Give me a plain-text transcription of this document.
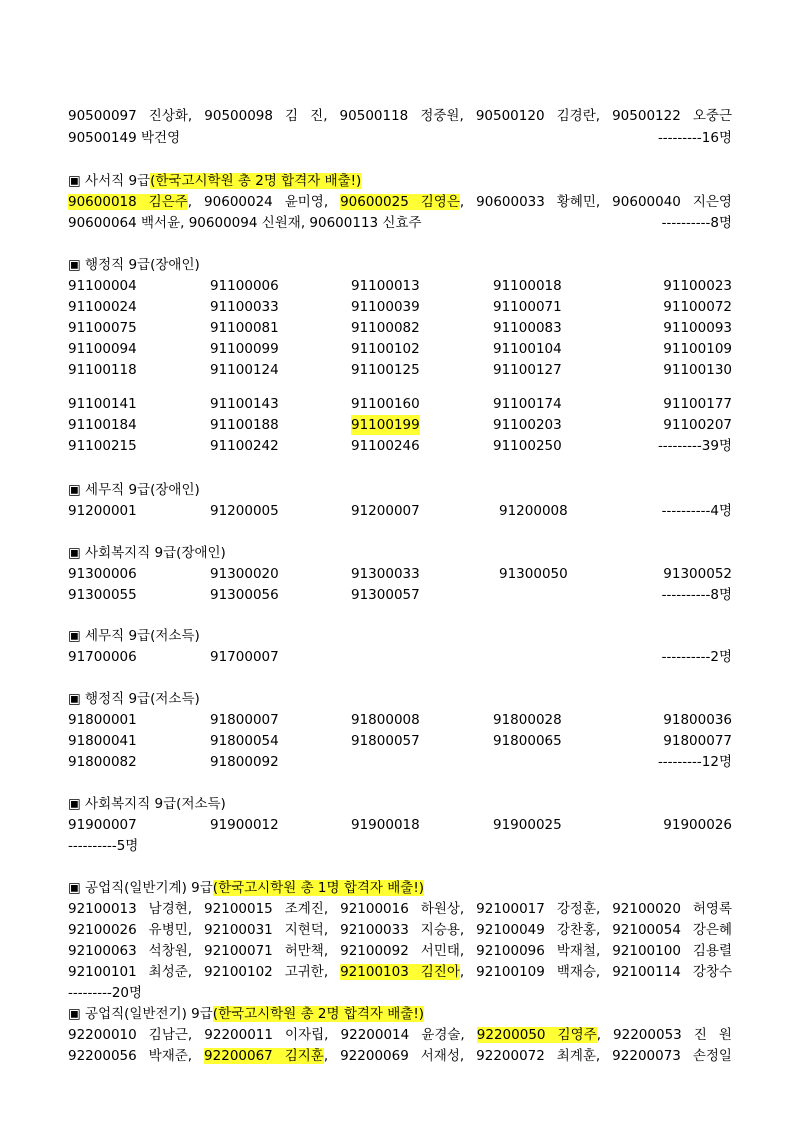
90500097 진상화, 90500098 김 진, 90500118 정중원, 90500120 김경란, 90500122 오중근
90500149 박건영	---------16명
▣ 사서직 9급(한국고시학원 총 2명 합격자 배출!)
90600018 김은주, 90600024 윤미영, 90600025 김영은, 90600033 황혜민, 90600040 지은영
90600064 백서윤, 90600094 신원재, 90600113 신효주	----------8명
▣ 행정직 9급(장애인)
91100004	91100006	91100013	91100018	91100023
91100024	91100033	91100039	91100071	91100072
91100075	91100081	91100082	91100083	91100093
91100094	91100099	91100102	91100104	91100109
91100118	91100124	91100125	91100127	91100130
91100141	91100143	91100160	91100174	91100177
91100184	91100188	91100199	91100203	91100207
91100215	91100242	91100246	91100250	---------39명
▣ 세무직 9급(장애인)
91200001	91200005	91200007	91200008	----------4명
▣ 사회복지직 9급(장애인)
91300006	91300020	91300033	91300050	91300052
91300055	91300056	91300057	----------8명
▣ 세무직 9급(저소득)
91700006	91700007	----------2명
▣ 행정직 9급(저소득)
91800001	91800007	91800008	91800028	91800036
91800041	91800054	91800057	91800065	91800077
91800082	91800092	---------12명
▣ 사회복지직 9급(저소득)
91900007	91900012	91900018	91900025	91900026
----------5명
▣ 공업직(일반기계) 9급(한국고시학원 총 1명 합격자 배출!)
92100013 남경현, 92100015 조계진, 92100016 하원상, 92100017 강정훈, 92100020 허영록
92100026 유병민, 92100031 지현덕, 92100033 지승용, 92100049 강찬홍, 92100054 강은혜
92100063 석창원, 92100071 허만책, 92100092 서민태, 92100096 박재철, 92100100 김용렬
92100101 최성준, 92100102 고귀한, 92100103 김진아, 92100109 백재승, 92100114 강창수
---------20명
▣ 공업직(일반전기) 9급(한국고시학원 총 2명 합격자 배출!)
92200010 김남근, 92200011 이자립, 92200014 윤경술, 92200050 김영주, 92200053 진 원
92200056 박재준, 92200067 김지훈, 92200069 서재성, 92200072 최계훈, 92200073 손정일
